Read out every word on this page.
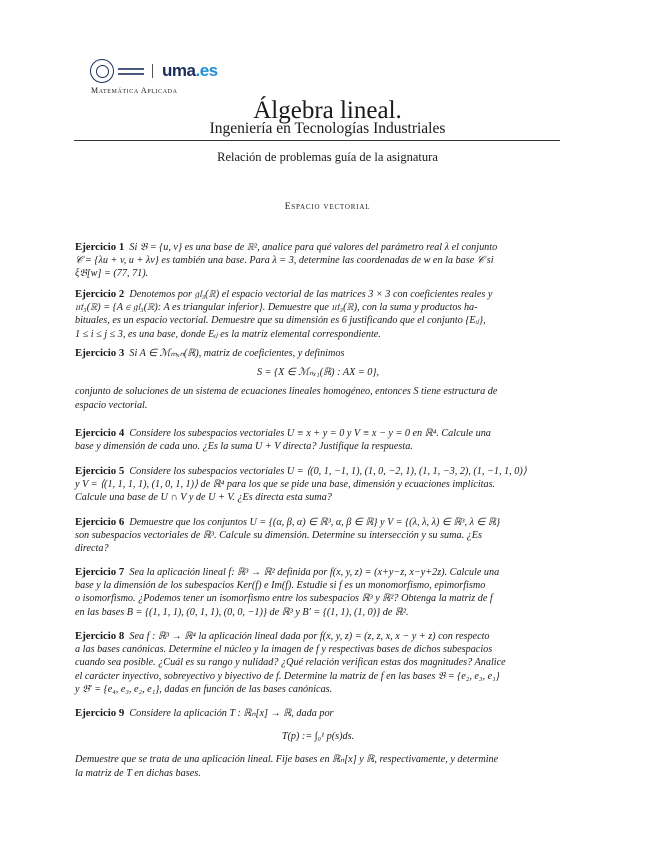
uma.es
Matemática Aplicada
Álgebra lineal.
Ingeniería en Tecnologías Industriales
Relación de problemas guía de la asignatura
Espacio vectorial
Ejercicio 1 Si 𝔅 = {u, v} es una base de ℝ², analice para qué valores del parámetro real λ el conjunto
𝒞 = {λu + v, u + λv} es también una base. Para λ = 3, determine las coordenadas de w en la base 𝒞 si
ξ𝔅[w] = (77, 71).
Ejercicio 2 Denotemos por 𝔤𝔩₃(ℝ) el espacio vectorial de las matrices 3 × 3 con coeficientes reales y
𝔲𝔱₃(ℝ) = {A ∈ 𝔤𝔩₃(ℝ): A es triangular inferior}. Demuestre que 𝔲𝔱₃(ℝ), con la suma y productos ha-
bituales, es un espacio vectorial. Demuestre que su dimensión es 6 justificando que el conjunto {Eᵢⱼ},
1 ≤ i ≤ j ≤ 3, es una base, donde Eᵢⱼ es la matriz elemental correspondiente.
Ejercicio 3 Si A ∈ ℳₘₓₙ(ℝ), matriz de coeficientes, y definimos
S = {X ∈ ℳₙₓ₁(ℝ) : AX = 0},
conjunto de soluciones de un sistema de ecuaciones lineales homogéneo, entonces S tiene estructura de
espacio vectorial.
Ejercicio 4 Considere los subespacios vectoriales U ≡ x + y = 0 y V ≡ x − y = 0 en ℝ⁴. Calcule una
base y dimensión de cada uno. ¿Es la suma U + V directa? Justifique la respuesta.
Ejercicio 5 Considere los subespacios vectoriales U = ⟨(0, 1, −1, 1), (1, 0, −2, 1), (1, 1, −3, 2), (1, −1, 1, 0)⟩
y V = ⟨(1, 1, 1, 1), (1, 0, 1, 1)⟩ de ℝ⁴ para los que se pide una base, dimensión y ecuaciones implícitas.
Calcule una base de U ∩ V y de U + V. ¿Es directa esta suma?
Ejercicio 6 Demuestre que los conjuntos U = {(α, β, α) ∈ ℝ³, α, β ∈ ℝ} y V = {(λ, λ, λ) ∈ ℝ³, λ ∈ ℝ}
son subespacios vectoriales de ℝ³. Calcule su dimensión. Determine su intersección y su suma. ¿Es
directa?
Ejercicio 7 Sea la aplicación lineal f: ℝ³ → ℝ² definida por f(x, y, z) = (x+y−z, x−y+2z). Calcule una
base y la dimensión de los subespacios Ker(f) e Im(f). Estudie si f es un monomorfismo, epimorfismo
o isomorfismo. ¿Podemos tener un isomorfismo entre los subespacios ℝ³ y ℝ²? Obtenga la matriz de f
en las bases B = {(1, 1, 1), (0, 1, 1), (0, 0, −1)} de ℝ³ y B′ = {(1, 1), (1, 0)} de ℝ².
Ejercicio 8 Sea f : ℝ³ → ℝ⁴ la aplicación lineal dada por f(x, y, z) = (z, z, x, x − y + z) con respecto
a las bases canónicas. Determine el núcleo y la imagen de f y respectivas bases de dichos subespacios
cuando sea posible. ¿Cuál es su rango y nulidad? ¿Qué relación verifican estas dos magnitudes? Analice
el carácter inyectivo, sobreyectivo y biyectivo de f. Determine la matriz de f en las bases 𝔅 = {e₂, e₃, e₁}
y 𝔅′ = {e₄, e₃, e₂, e₁}, dadas en función de las bases canónicas.
Ejercicio 9 Considere la aplicación T : ℝₙ[x] → ℝ, dada por
T(p) := ∫₀¹ p(s)ds.
Demuestre que se trata de una aplicación lineal. Fije bases en ℝₙ[x] y ℝ, respectivamente, y determine
la matriz de T en dichas bases.
